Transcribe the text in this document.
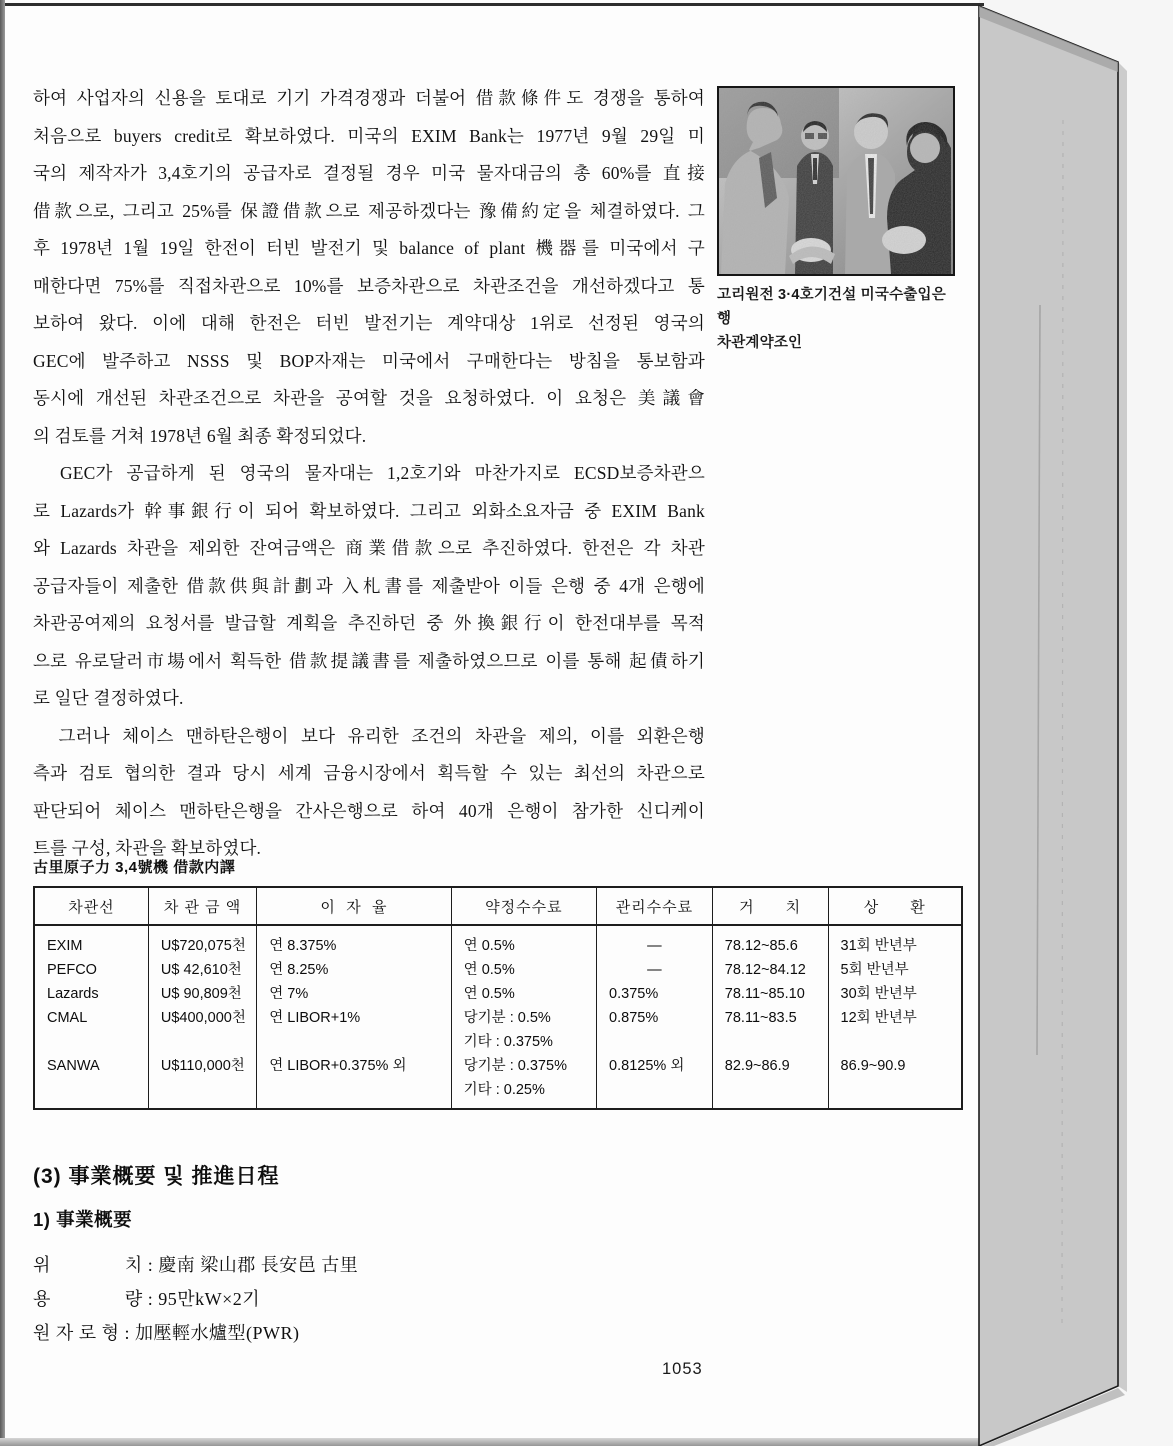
하여 사업자의 신용을 토대로 기기 가격경쟁과 더불어 借款條件도 경쟁을 통하여
처음으로 buyers credit로 확보하였다. 미국의 EXIM Bank는 1977년 9월 29일 미
국의 제작자가 3,4호기의 공급자로 결정될 경우 미국 물자대금의 총 60%를 直接
借款으로, 그리고 25%를 保證借款으로 제공하겠다는 豫備約定을 체결하였다. 그
후 1978년 1월 19일 한전이 터빈 발전기 및 balance of plant 機器를 미국에서 구
매한다면 75%를 직접차관으로 10%를 보증차관으로 차관조건을 개선하겠다고 통
보하여 왔다. 이에 대해 한전은 터빈 발전기는 계약대상 1위로 선정된 영국의
GEC에 발주하고 NSSS 및 BOP자재는 미국에서 구매한다는 방침을 통보함과
동시에 개선된 차관조건으로 차관을 공여할 것을 요청하였다. 이 요청은 美議會
의 검토를 거쳐 1978년 6월 최종 확정되었다.
　GEC가 공급하게 된 영국의 물자대는 1,2호기와 마찬가지로 ECSD보증차관으
로 Lazards가 幹事銀行이 되어 확보하였다. 그리고 외화소요자금 중 EXIM Bank
와 Lazards 차관을 제외한 잔여금액은 商業借款으로 추진하였다. 한전은 각 차관
공급자들이 제출한 借款供與計劃과 入札書를 제출받아 이들 은행 중 4개 은행에
차관공여제의 요청서를 발급할 계획을 추진하던 중 外換銀行이 한전대부를 목적
으로 유로달러市場에서 획득한 借款提議書를 제출하였으므로 이를 통해 起債하기
로 일단 결정하였다.
　그러나 체이스 맨하탄은행이 보다 유리한 조건의 차관을 제의, 이를 외환은행
측과 검토 협의한 결과 당시 세계 금융시장에서 획득할 수 있는 최선의 차관으로
판단되어 체이스 맨하탄은행을 간사은행으로 하여 40개 은행이 참가한 신디케이
트를 구성, 차관을 확보하였다.
고리원전 3·4호기건설 미국수출입은행
차관계약조인
古里原子力 3,4號機 借款内譯
차관선
EXIM
PEFCO
Lazards
CMAL
SANWA
차 관 금 액
U$720,075천
U$ 42,610천
U$ 90,809천
U$400,000천
U$110,000천
이  자  율
연 8.375%
연 8.25%
연 7%
연 LIBOR+1%
연 LIBOR+0.375% 외
약정수수료
연 0.5%
연 0.5%
연 0.5%
당기분 : 0.5%
기타 : 0.375%
당기분 : 0.375%
기타 : 0.25%
관리수수료
—
—
0.375%
0.875%
0.8125% 외
거      치
78.12~85.6
78.12~84.12
78.11~85.10
78.11~83.5
82.9~86.9
상      환
31회 반년부
5회 반년부
30회 반년부
12회 반년부
86.9~90.9
(3) 事業概要 및 推進日程
1) 事業概要
위　　　　치 : 慶南 梁山郡 長安邑 古里
용　　　　량 : 95만kW×2기
원 자 로 형 : 加壓輕水爐型(PWR)
1053
